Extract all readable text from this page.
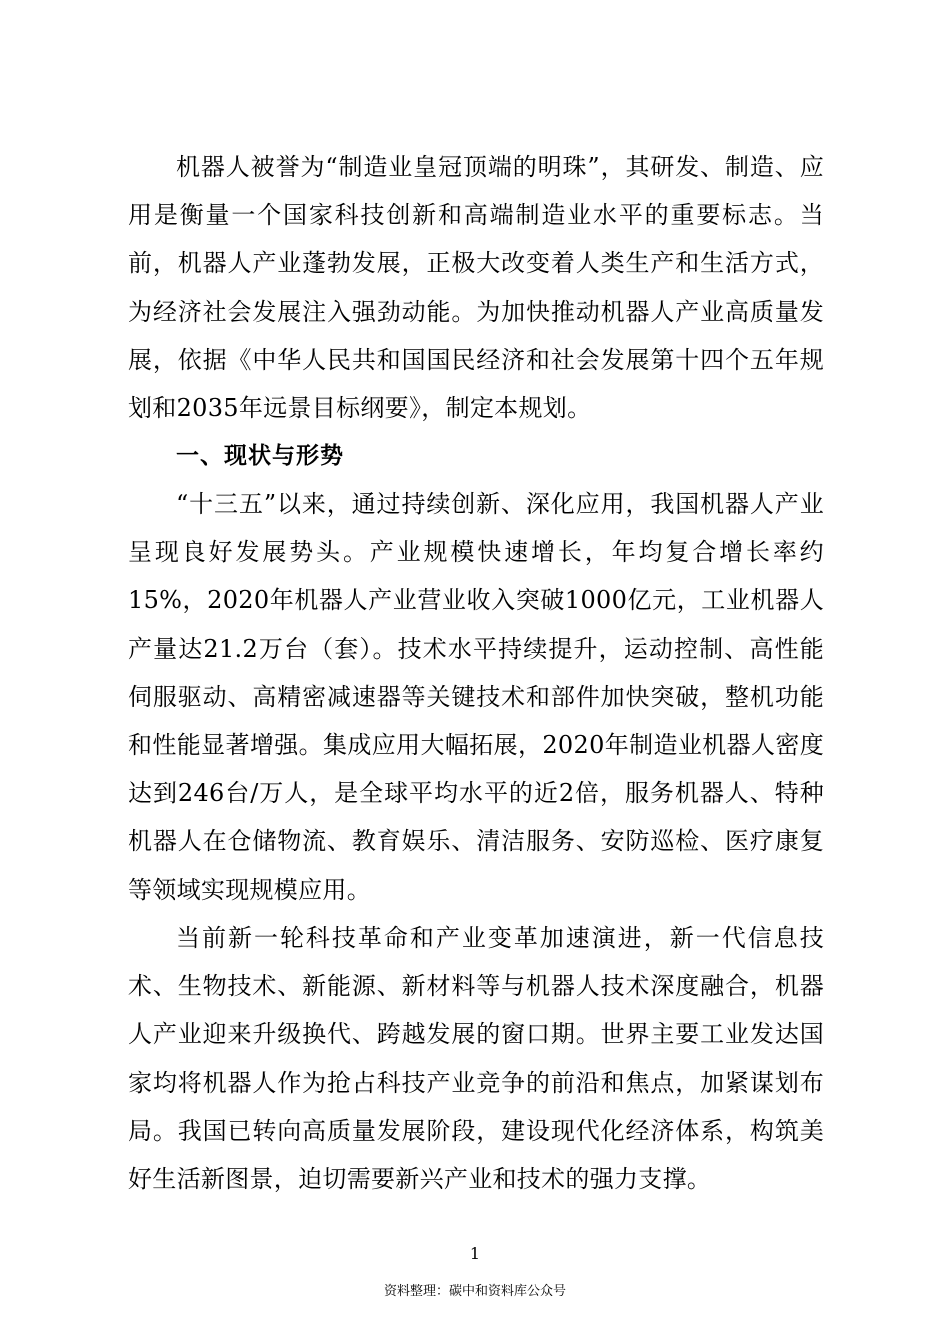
机器人被誉为“制造业皇冠顶端的明珠”，其研发、制造、应用是衡量一个国家科技创新和高端制造业水平的重要标志。当前，机器人产业蓬勃发展，正极大改变着人类生产和生活方式，为经济社会发展注入强劲动能。为加快推动机器人产业高质量发展，依据《中华人民共和国国民经济和社会发展第十四个五年规划和2035年远景目标纲要》，制定本规划。

一、现状与形势

“十三五”以来，通过持续创新、深化应用，我国机器人产业呈现良好发展势头。产业规模快速增长，年均复合增长率约15%，2020年机器人产业营业收入突破1000亿元，工业机器人产量达21.2万台（套）。技术水平持续提升，运动控制、高性能伺服驱动、高精密减速器等关键技术和部件加快突破，整机功能和性能显著增强。集成应用大幅拓展，2020年制造业机器人密度达到246台/万人，是全球平均水平的近2倍，服务机器人、特种机器人在仓储物流、教育娱乐、清洁服务、安防巡检、医疗康复等领域实现规模应用。

当前新一轮科技革命和产业变革加速演进，新一代信息技术、生物技术、新能源、新材料等与机器人技术深度融合，机器人产业迎来升级换代、跨越发展的窗口期。世界主要工业发达国家均将机器人作为抢占科技产业竞争的前沿和焦点，加紧谋划布局。我国已转向高质量发展阶段，建设现代化经济体系，构筑美好生活新图景，迫切需要新兴产业和技术的强力支撑。

1
资料整理：碳中和资料库公众号
